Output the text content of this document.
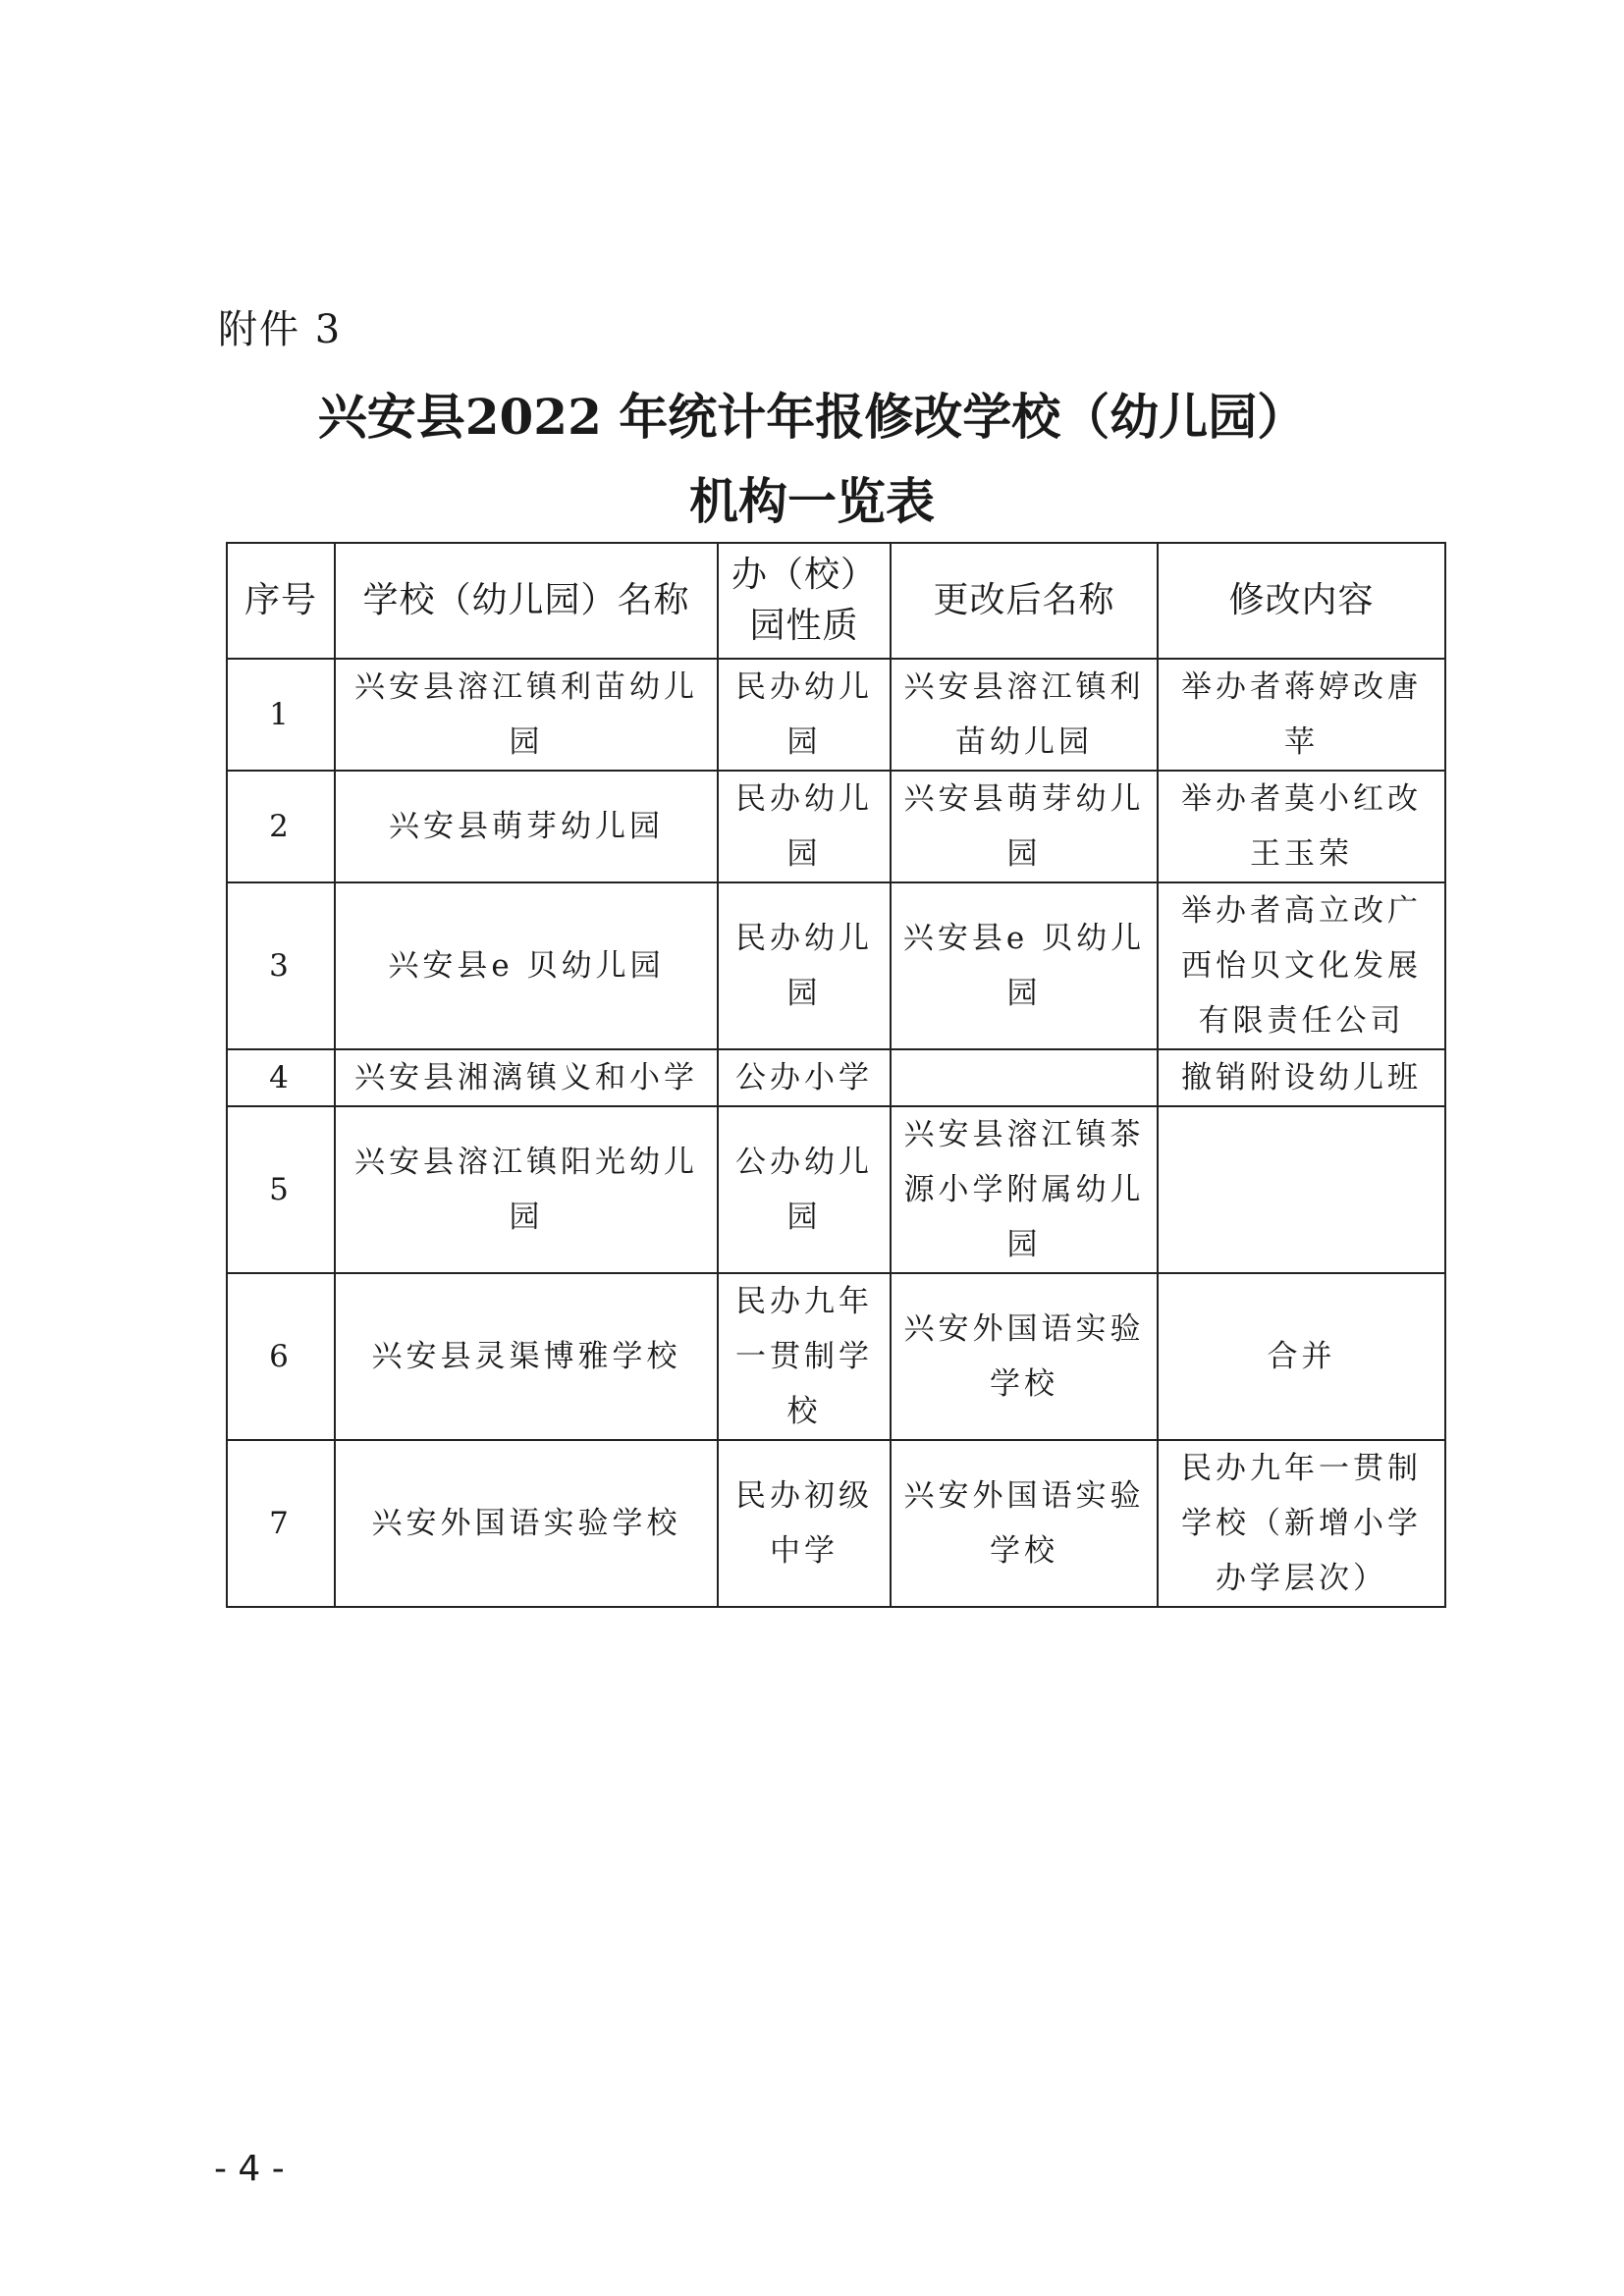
附件 3
兴安县2022 年统计年报修改学校（幼儿园）
机构一览表
序号	学校（幼儿园）名称	办（校）园性质	更改后名称	修改内容
1	兴安县溶江镇利苗幼儿园	民办幼儿园	兴安县溶江镇利苗幼儿园	举办者蒋婷改唐苹
2	兴安县萌芽幼儿园	民办幼儿园	兴安县萌芽幼儿园	举办者莫小红改王玉荣
3	兴安县e 贝幼儿园	民办幼儿园	兴安县e 贝幼儿园	举办者高立改广西怡贝文化发展有限责任公司
4	兴安县湘漓镇义和小学	公办小学		撤销附设幼儿班
5	兴安县溶江镇阳光幼儿园	公办幼儿园	兴安县溶江镇茶源小学附属幼儿园	
6	兴安县灵渠博雅学校	民办九年一贯制学校	兴安外国语实验学校	合并
7	兴安外国语实验学校	民办初级中学	兴安外国语实验学校	民办九年一贯制学校（新增小学办学层次）
- 4 -
